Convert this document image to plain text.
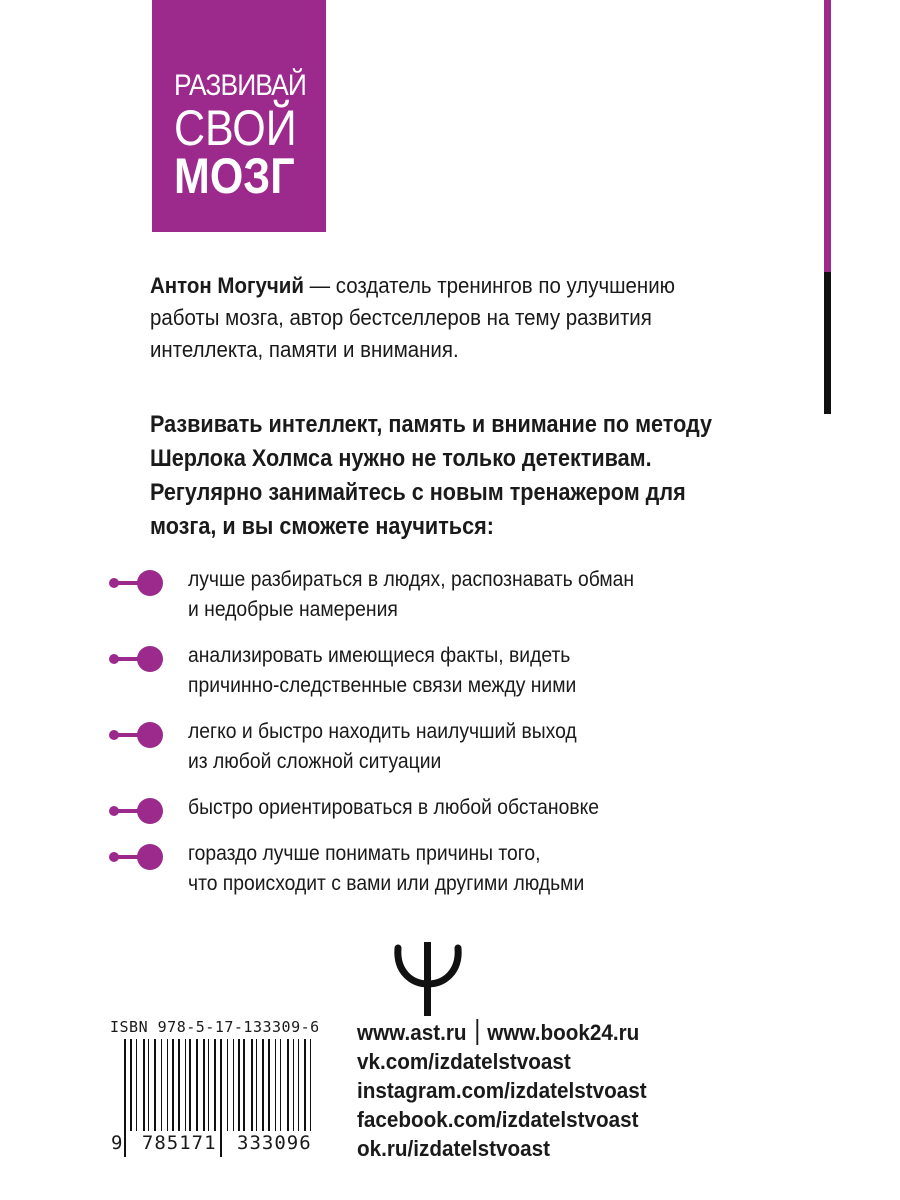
РАЗВИВАЙ
СВОЙ
МОЗГ
Антон Могучий — создатель тренингов по улучшению работы мозга, автор бестселлеров на тему развития интеллекта, памяти и внимания.
Развивать интеллект, память и внимание по методу Шерлока Холмса нужно не только детективам. Регулярно занимайтесь с новым тренажером для мозга, и вы сможете научиться:
лучше разбираться в людях, распознавать обман
и недобрые намерения
анализировать имеющиеся факты, видеть
причинно-следственные связи между ними
легко и быстро находить наилучший выход
из любой сложной ситуации
быстро ориентироваться в любой обстановке
гораздо лучше понимать причины того,
что происходит с вами или другими людьми
ISBN 978-5-17-133309-6
9 785171 333096
www.ast.ru www.book24.ru
vk.com/izdatelstvoast
instagram.com/izdatelstvoast
facebook.com/izdatelstvoast
ok.ru/izdatelstvoast
